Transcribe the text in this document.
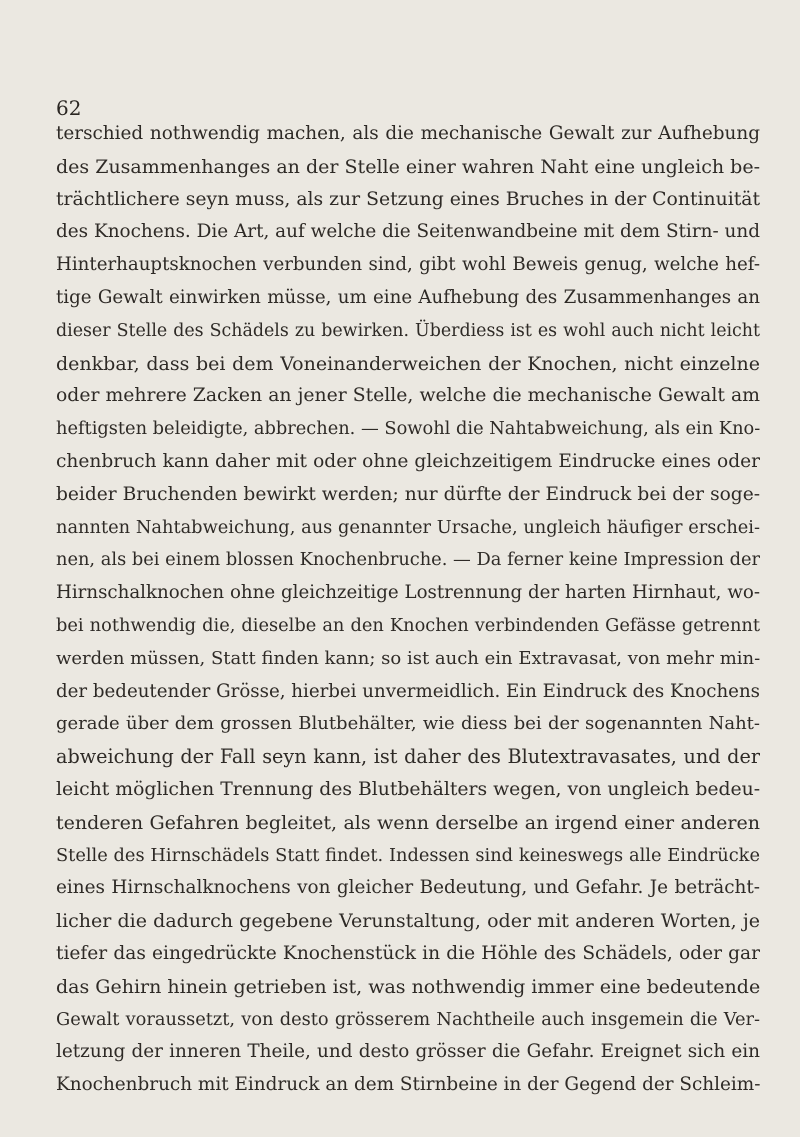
62
terschied nothwendig machen, als die mechanische Gewalt zur Aufhebung
des Zusammenhanges an der Stelle einer wahren Naht eine ungleich be-
trächtlichere seyn muss, als zur Setzung eines Bruches in der Continuität
des Knochens. Die Art, auf welche die Seitenwandbeine mit dem Stirn- und
Hinterhauptsknochen verbunden sind, gibt wohl Beweis genug, welche hef-
tige Gewalt einwirken müsse, um eine Aufhebung des Zusammenhanges an
dieser Stelle des Schädels zu bewirken. Überdiess ist es wohl auch nicht leicht
denkbar, dass bei dem Voneinanderweichen der Knochen, nicht einzelne
oder mehrere Zacken an jener Stelle, welche die mechanische Gewalt am
heftigsten beleidigte, abbrechen. — Sowohl die Nahtabweichung, als ein Kno-
chenbruch kann daher mit oder ohne gleichzeitigem Eindrucke eines oder
beider Bruchenden bewirkt werden; nur dürfte der Eindruck bei der soge-
nannten Nahtabweichung, aus genannter Ursache, ungleich häufiger erschei-
nen, als bei einem blossen Knochenbruche. — Da ferner keine Impression der
Hirnschalknochen ohne gleichzeitige Lostrennung der harten Hirnhaut, wo-
bei nothwendig die, dieselbe an den Knochen verbindenden Gefässe getrennt
werden müssen, Statt finden kann; so ist auch ein Extravasat, von mehr min-
der bedeutender Grösse, hierbei unvermeidlich. Ein Eindruck des Knochens
gerade über dem grossen Blutbehälter, wie diess bei der sogenannten Naht-
abweichung der Fall seyn kann, ist daher des Blutextravasates, und der
leicht möglichen Trennung des Blutbehälters wegen, von ungleich bedeu-
tenderen Gefahren begleitet, als wenn derselbe an irgend einer anderen
Stelle des Hirnschädels Statt findet. Indessen sind keineswegs alle Eindrücke
eines Hirnschalknochens von gleicher Bedeutung, und Gefahr. Je beträcht-
licher die dadurch gegebene Verunstaltung, oder mit anderen Worten, je
tiefer das eingedrückte Knochenstück in die Höhle des Schädels, oder gar
das Gehirn hinein getrieben ist, was nothwendig immer eine bedeutende
Gewalt voraussetzt, von desto grösserem Nachtheile auch insgemein die Ver-
letzung der inneren Theile, und desto grösser die Gefahr. Ereignet sich ein
Knochenbruch mit Eindruck an dem Stirnbeine in der Gegend der Schleim-
